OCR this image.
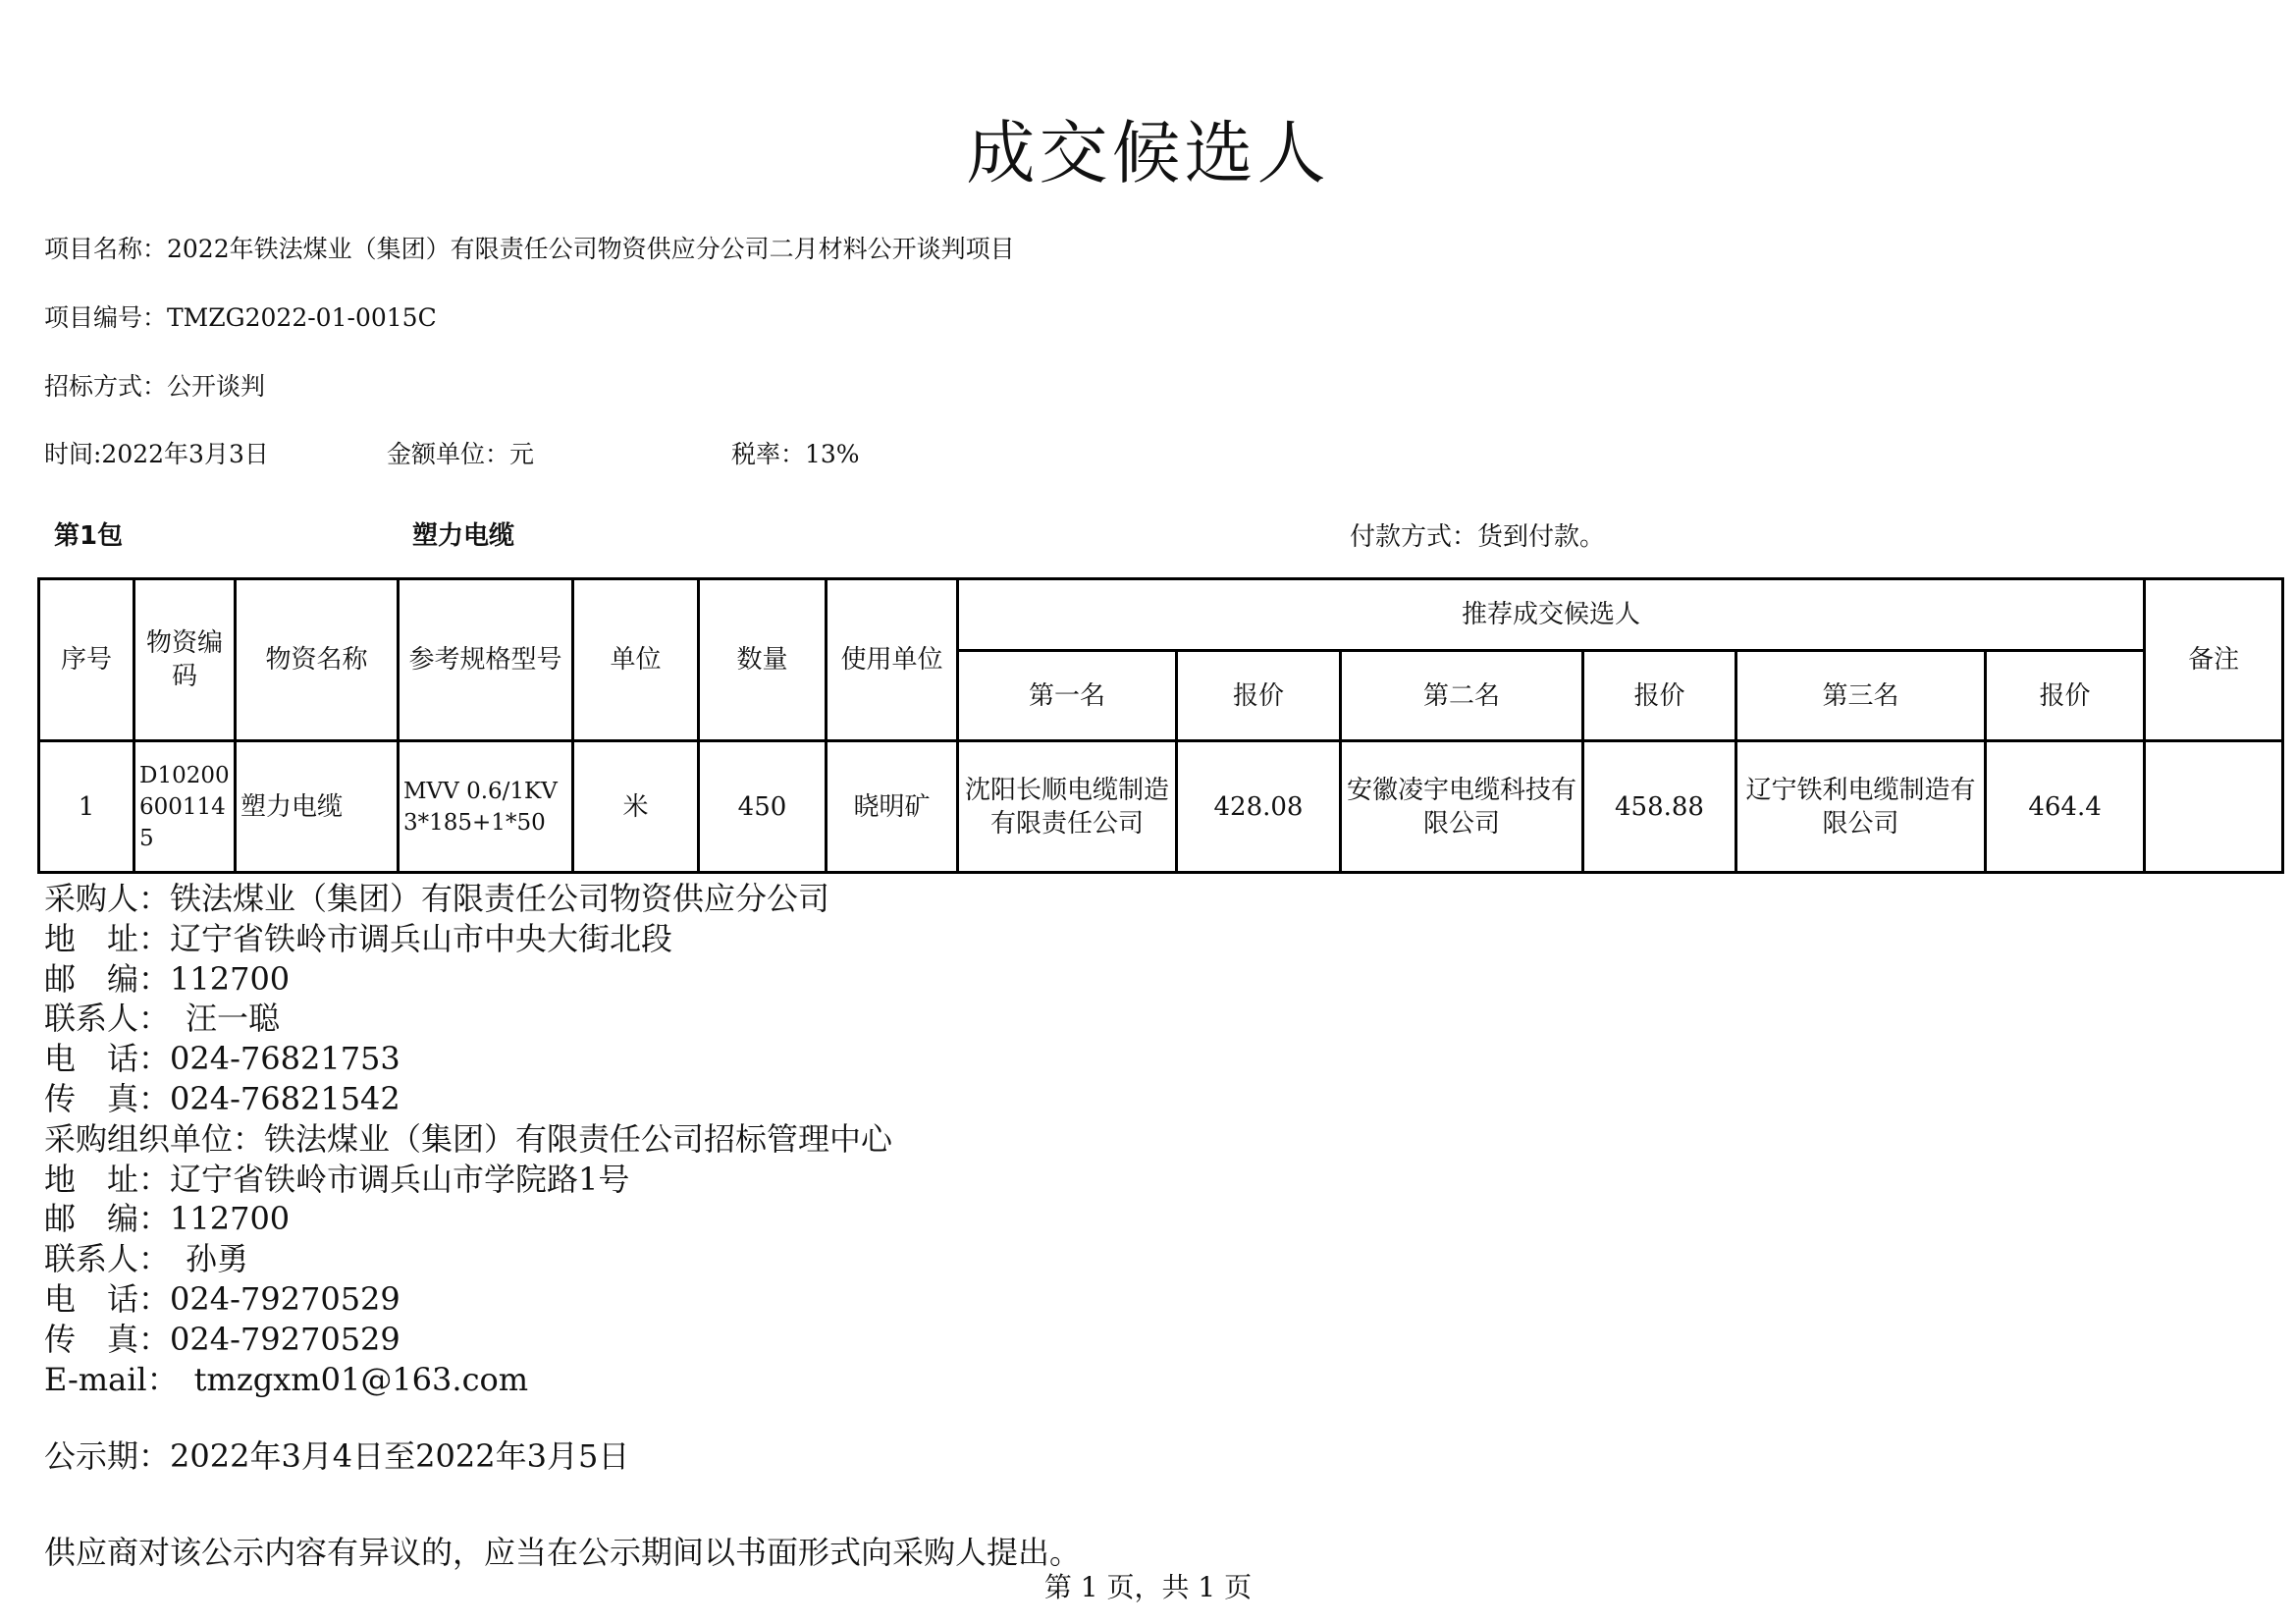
成交候选人
项目名称：2022年铁法煤业（集团）有限责任公司物资供应分公司二月材料公开谈判项目
项目编号：TMZG2022-01-0015C
招标方式：公开谈判
时间:2022年3月3日	金额单位：元	税率：13%
第1包	塑力电缆	付款方式：货到付款。
序号	物资编码	物资名称	参考规格型号	单位	数量	使用单位	推荐成交候选人						备注
							第一名	报价	第二名	报价	第三名	报价	
1	D102006001145	塑力电缆	MVV 0.6/1KV 3*185+1*50	米	450	晓明矿	沈阳长顺电缆制造有限责任公司	428.08	安徽凌宇电缆科技有限公司	458.88	辽宁铁利电缆制造有限公司	464.4	
采购人：铁法煤业（集团）有限责任公司物资供应分公司
地　址：辽宁省铁岭市调兵山市中央大街北段
邮　编：112700
联系人：　汪一聪
电　话：024-76821753
传　真：024-76821542
采购组织单位：铁法煤业（集团）有限责任公司招标管理中心
地　址：辽宁省铁岭市调兵山市学院路1号
邮　编：112700
联系人：　孙勇
电　话：024-79270529
传　真：024-79270529
E-mail：　tmzgxm01@163.com
公示期：2022年3月4日至2022年3月5日
供应商对该公示内容有异议的，应当在公示期间以书面形式向采购人提出。
第 1 页，共 1 页
